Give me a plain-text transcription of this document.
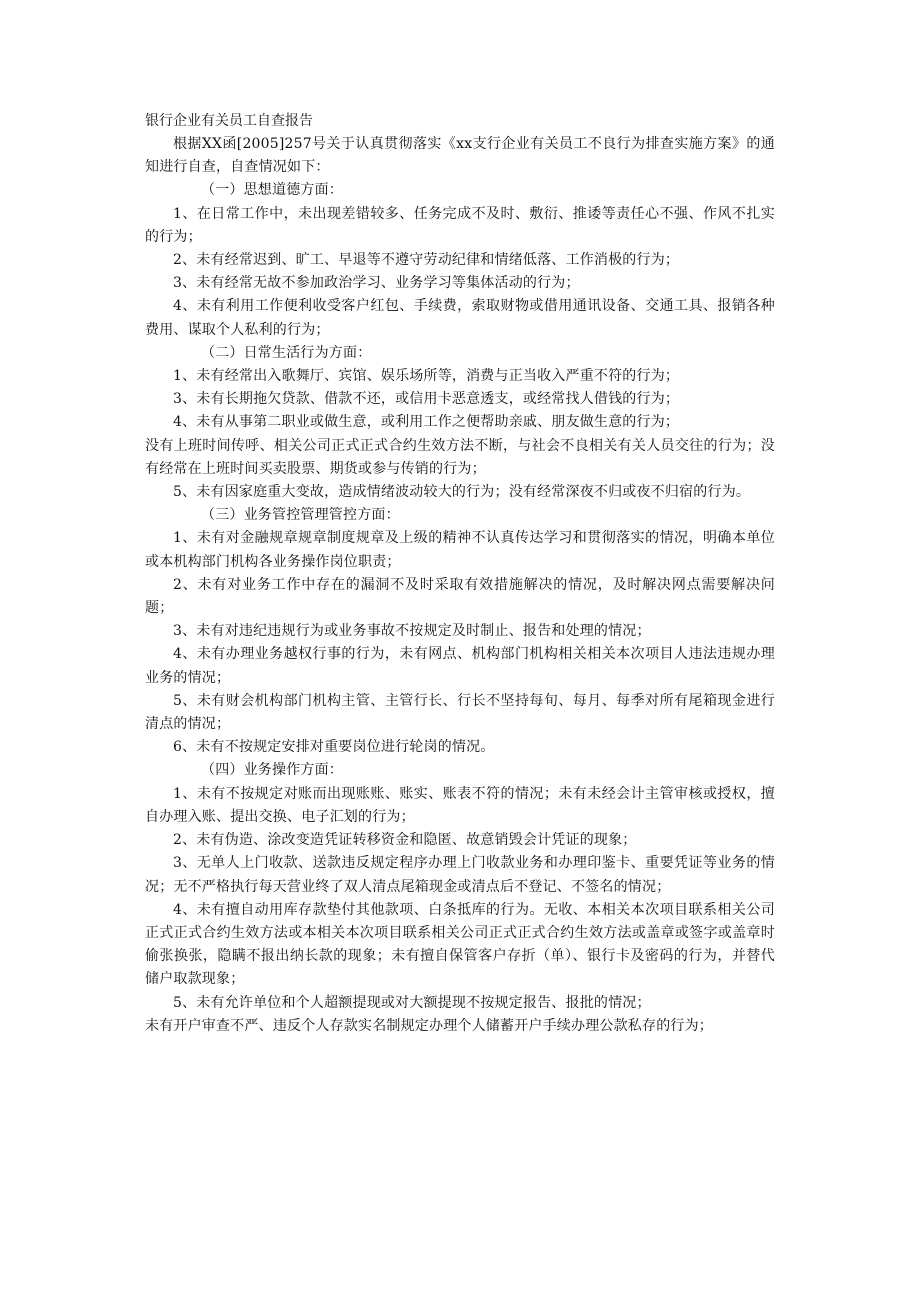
银行企业有关员工自查报告

根据XX函[2005]257号关于认真贯彻落实《xx支行企业有关员工不良行为排查实施方案》的通知进行自查，自查情况如下：

（一）思想道德方面：

1、在日常工作中，未出现差错较多、任务完成不及时、敷衍、推诿等责任心不强、作风不扎实的行为；

2、未有经常迟到、旷工、早退等不遵守劳动纪律和情绪低落、工作消极的行为；

3、未有经常无故不参加政治学习、业务学习等集体活动的行为；

4、未有利用工作便利收受客户红包、手续费，索取财物或借用通讯设备、交通工具、报销各种费用、谋取个人私利的行为；

（二）日常生活行为方面：

1、未有经常出入歌舞厅、宾馆、娱乐场所等，消费与正当收入严重不符的行为；

3、未有长期拖欠贷款、借款不还，或信用卡恶意透支，或经常找人借钱的行为；

4、未有从事第二职业或做生意，或利用工作之便帮助亲戚、朋友做生意的行为；

没有上班时间传呼、相关公司正式正式合约生效方法不断，与社会不良相关有关人员交往的行为；没有经常在上班时间买卖股票、期货或参与传销的行为；

5、未有因家庭重大变故，造成情绪波动较大的行为；没有经常深夜不归或夜不归宿的行为。

（三）业务管控管理管控方面：

1、未有对金融规章规章制度规章及上级的精神不认真传达学习和贯彻落实的情况，明确本单位或本机构部门机构各业务操作岗位职责；

2、未有对业务工作中存在的漏洞不及时采取有效措施解决的情况，及时解决网点需要解决问题；

3、未有对违纪违规行为或业务事故不按规定及时制止、报告和处理的情况；

4、未有办理业务越权行事的行为，未有网点、机构部门机构相关相关本次项目人违法违规办理业务的情况；

5、未有财会机构部门机构主管、主管行长、行长不坚持每旬、每月、每季对所有尾箱现金进行清点的情况；

6、未有不按规定安排对重要岗位进行轮岗的情况。

（四）业务操作方面：

1、未有不按规定对账而出现账账、账实、账表不符的情况；未有未经会计主管审核或授权，擅自办理入账、提出交换、电子汇划的行为；

2、未有伪造、涂改变造凭证转移资金和隐匿、故意销毁会计凭证的现象；

3、无单人上门收款、送款违反规定程序办理上门收款业务和办理印鉴卡、重要凭证等业务的情况；无不严格执行每天营业终了双人清点尾箱现金或清点后不登记、不签名的情况；

4、未有擅自动用库存款垫付其他款项、白条抵库的行为。无收、本相关本次项目联系相关公司正式正式合约生效方法或本相关本次项目联系相关公司正式正式合约生效方法或盖章或签字或盖章时偷张换张，隐瞒不报出纳长款的现象；未有擅自保管客户存折（单）、银行卡及密码的行为，并替代储户取款现象；

5、未有允许单位和个人超额提现或对大额提现不按规定报告、报批的情况；

未有开户审查不严、违反个人存款实名制规定办理个人储蓄开户手续办理公款私存的行为；
